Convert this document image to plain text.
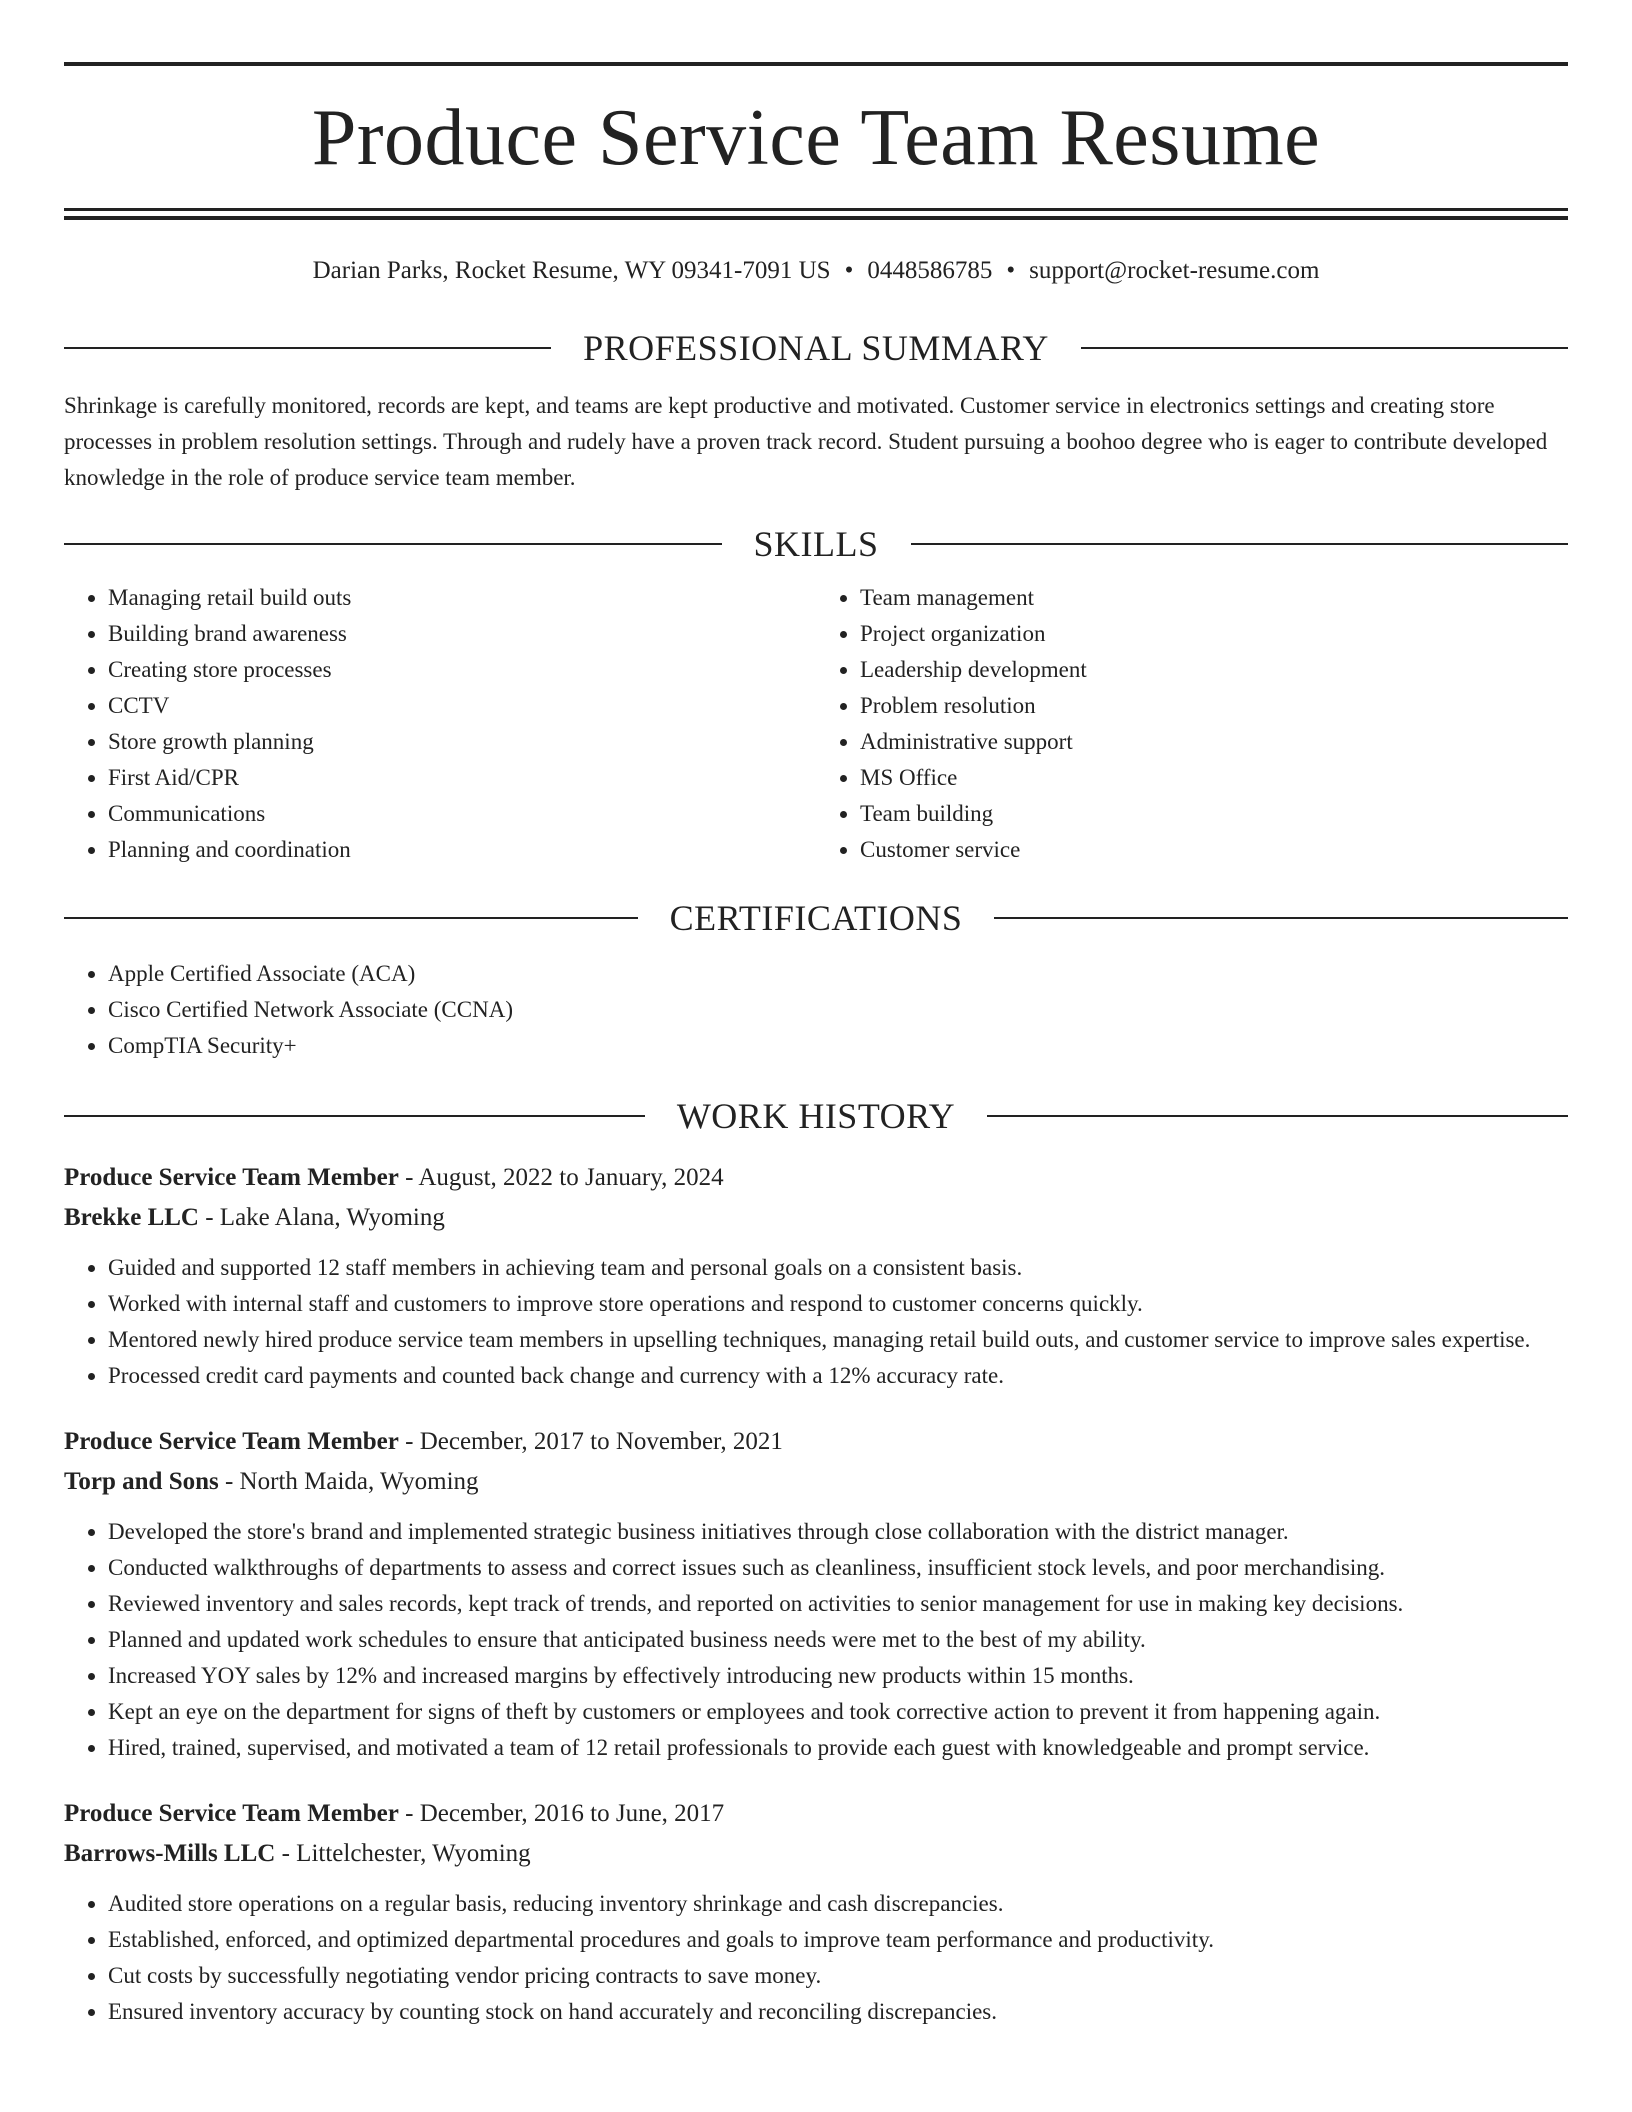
Produce Service Team Resume
Darian Parks, Rocket Resume, WY 09341-7091 US • 0448586785 • support@rocket-resume.com
PROFESSIONAL SUMMARY

Shrinkage is carefully monitored, records are kept, and teams are kept productive and motivated. Customer service in electronics settings and creating store processes in problem resolution settings. Through and rudely have a proven track record. Student pursuing a boohoo degree who is eager to contribute developed knowledge in the role of produce service team member.

SKILLS
• Managing retail build outs
• Building brand awareness
• Creating store processes
• CCTV
• Store growth planning
• First Aid/CPR
• Communications
• Planning and coordination
• Team management
• Project organization
• Leadership development
• Problem resolution
• Administrative support
• MS Office
• Team building
• Customer service
CERTIFICATIONS
• Apple Certified Associate (ACA)
• Cisco Certified Network Associate (CCNA)
• CompTIA Security+
WORK HISTORY
Produce Service Team Member - August, 2022 to January, 2024
Brekke LLC - Lake Alana, Wyoming
• Guided and supported 12 staff members in achieving team and personal goals on a consistent basis.
• Worked with internal staff and customers to improve store operations and respond to customer concerns quickly.
• Mentored newly hired produce service team members in upselling techniques, managing retail build outs, and customer service to improve sales expertise.
• Processed credit card payments and counted back change and currency with a 12% accuracy rate.
Produce Service Team Member - December, 2017 to November, 2021
Torp and Sons - North Maida, Wyoming
• Developed the store's brand and implemented strategic business initiatives through close collaboration with the district manager.
• Conducted walkthroughs of departments to assess and correct issues such as cleanliness, insufficient stock levels, and poor merchandising.
• Reviewed inventory and sales records, kept track of trends, and reported on activities to senior management for use in making key decisions.
• Planned and updated work schedules to ensure that anticipated business needs were met to the best of my ability.
• Increased YOY sales by 12% and increased margins by effectively introducing new products within 15 months.
• Kept an eye on the department for signs of theft by customers or employees and took corrective action to prevent it from happening again.
• Hired, trained, supervised, and motivated a team of 12 retail professionals to provide each guest with knowledgeable and prompt service.
Produce Service Team Member - December, 2016 to June, 2017
Barrows-Mills LLC - Littelchester, Wyoming
• Audited store operations on a regular basis, reducing inventory shrinkage and cash discrepancies.
• Established, enforced, and optimized departmental procedures and goals to improve team performance and productivity.
• Cut costs by successfully negotiating vendor pricing contracts to save money.
• Ensured inventory accuracy by counting stock on hand accurately and reconciling discrepancies.
